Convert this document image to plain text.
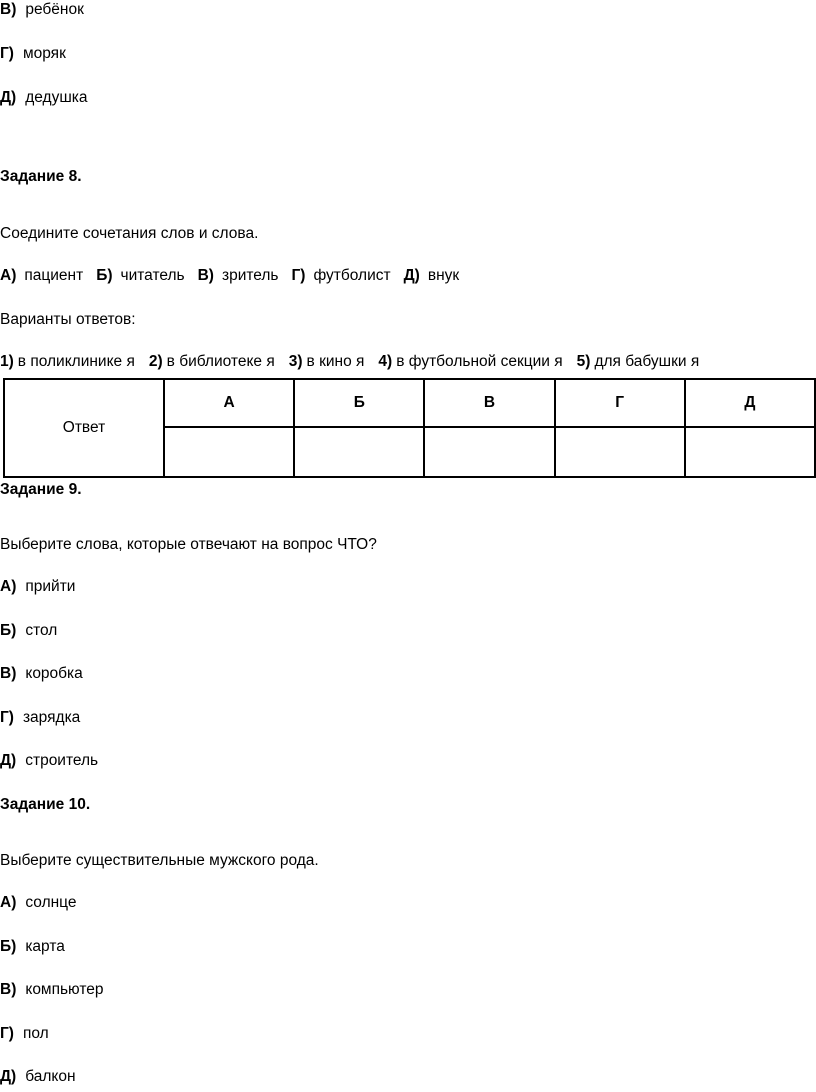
В) ребёнок
Г) моряк
Д) дедушка
Задание 8.
Соедините сочетания слов и слова.
А) пациент Б) читатель В) зритель Г) футболист Д) внук
Варианты ответов:
1) в поликлинике я 2) в библиотеке я 3) в кино я 4) в футбольной секции я 5) для бабушки я
Ответ	А	Б	В	Г	Д

Задание 9.
Выберите слова, которые отвечают на вопрос ЧТО?
А) прийти
Б) стол
В) коробка
Г) зарядка
Д) строитель
Задание 10.
Выберите существительные мужского рода.
А) солнце
Б) карта
В) компьютер
Г) пол
Д) балкон
